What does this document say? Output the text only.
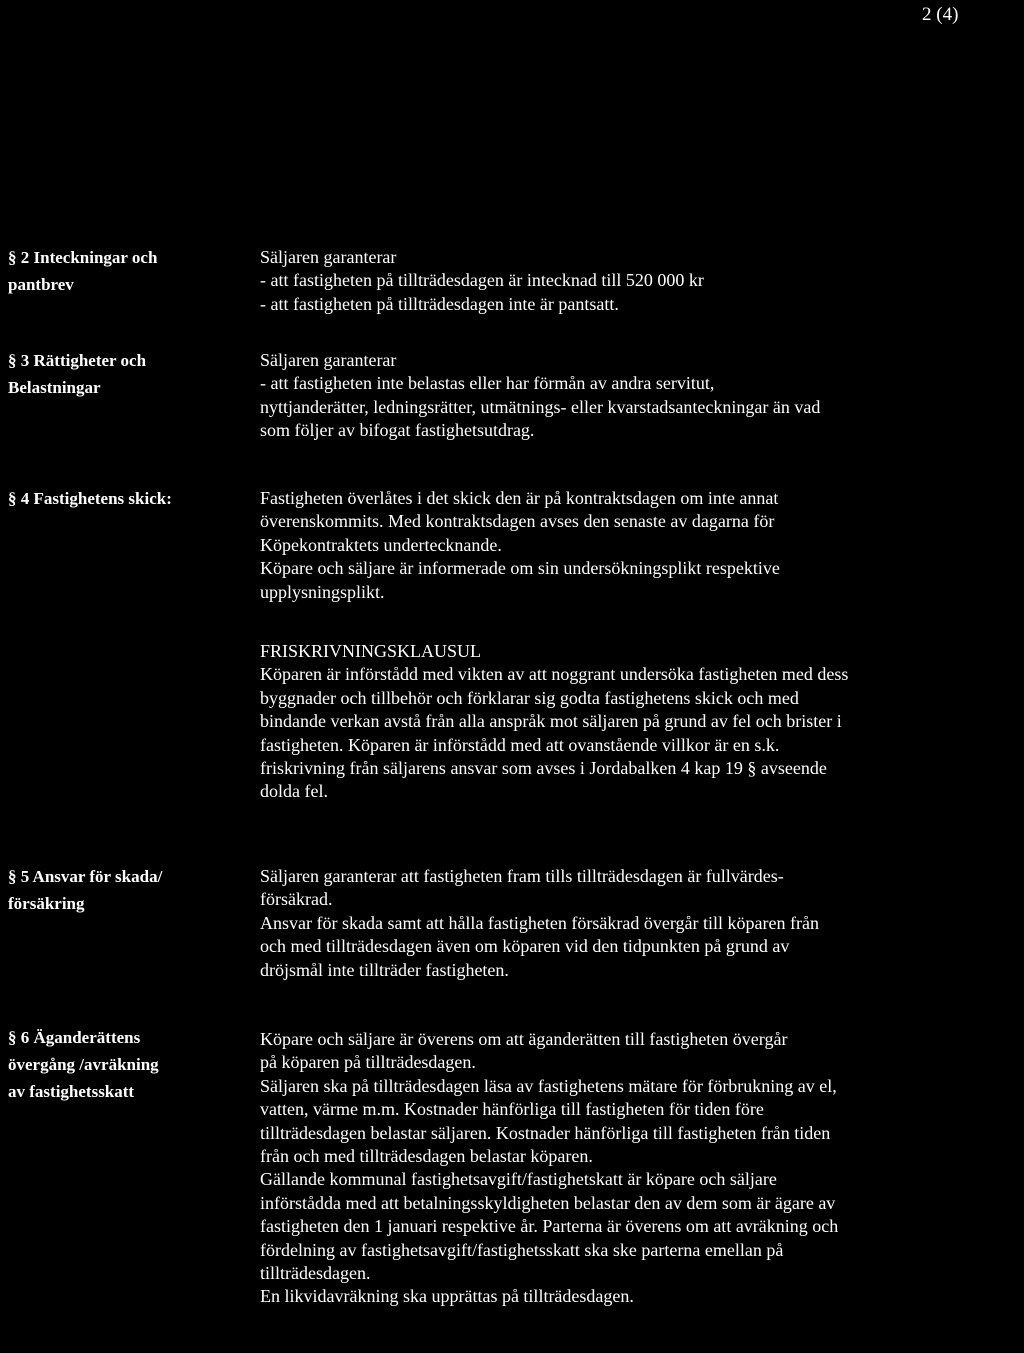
2 (4)
§ 2 Inteckningar och
pantbrev

Säljaren garanterar

- att fastigheten på tillträdesdagen är intecknad till 520 000 kr

- att fastigheten på tillträdesdagen inte är pantsatt.

§ 3 Rättigheter och
Belastningar

Säljaren garanterar

- att fastigheten inte belastas eller har förmån av andra servitut,

nyttjanderätter, ledningsrätter, utmätnings- eller kvarstadsanteckningar än vad

som följer av bifogat fastighetsutdrag.

§ 4 Fastighetens skick:	Fastigheten överlåtes i det skick den är på kontraktsdagen om inte annat

överenskommits. Med kontraktsdagen avses den senaste av dagarna för

Köpekontraktets undertecknande.

Köpare och säljare är informerade om sin undersökningsplikt respektive

upplysningsplikt.

FRISKRIVNINGSKLAUSUL

Köparen är införstådd med vikten av att noggrant undersöka fastigheten med dess

byggnader och tillbehör och förklarar sig godta fastighetens skick och med

bindande verkan avstå från alla anspråk mot säljaren på grund av fel och brister i

fastigheten. Köparen är införstådd med att ovanstående villkor är en s.k.

friskrivning från säljarens ansvar som avses i Jordabalken 4 kap 19 § avseende

dolda fel.

§ 5 Ansvar för skada/
försäkring

Säljaren garanterar att fastigheten fram tills tillträdesdagen är fullvärdes-

försäkrad.

Ansvar för skada samt att hålla fastigheten försäkrad övergår till köparen från

och med tillträdesdagen även om köparen vid den tidpunkten på grund av

dröjsmål inte tillträder fastigheten.

§ 6 Äganderättens
övergång /avräkning
av fastighetsskatt

Köpare och säljare är överens om att äganderätten till fastigheten övergår

på köparen på tillträdesdagen.

Säljaren ska på tillträdesdagen läsa av fastighetens mätare för förbrukning av el,

vatten, värme m.m. Kostnader hänförliga till fastigheten för tiden före

tillträdesdagen belastar säljaren. Kostnader hänförliga till fastigheten från tiden

från och med tillträdesdagen belastar köparen.

Gällande kommunal fastighetsavgift/fastighetskatt är köpare och säljare

införstådda med att betalningsskyldigheten belastar den av dem som är ägare av

fastigheten den 1 januari respektive år. Parterna är överens om att avräkning och

fördelning av fastighetsavgift/fastighetsskatt ska ske parterna emellan på

tillträdesdagen.

En likvidavräkning ska upprättas på tillträdesdagen.
